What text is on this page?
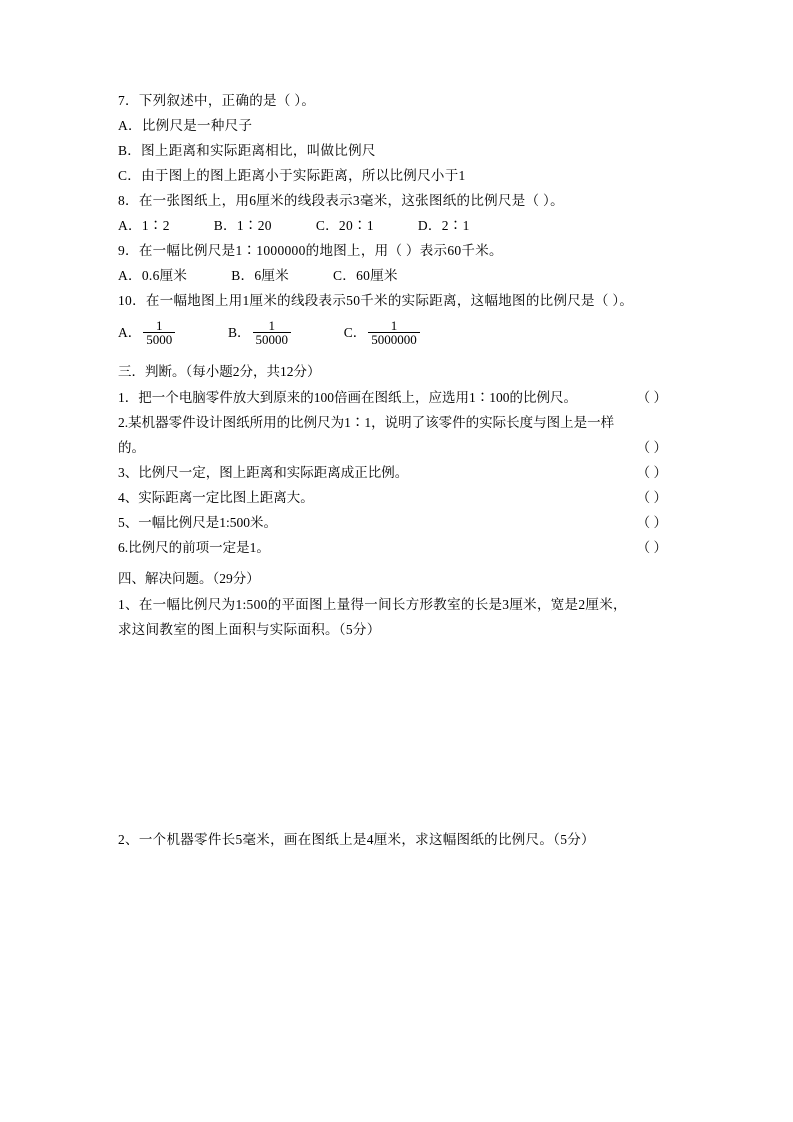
7．下列叙述中，正确的是（ ）。
A．比例尺是一种尺子
B．图上距离和实际距离相比，叫做比例尺
C．由于图上的图上距离小于实际距离，所以比例尺小于1
8．在一张图纸上，用6厘米的线段表示3毫米，这张图纸的比例尺是（ ）。
A．1∶2	B．1∶20	C．20∶1	D．2∶1
9．在一幅比例尺是1∶1000000的地图上，用（ ）表示60千米。
A．0.6厘米	B．6厘米	C．60厘米
10．在一幅地图上用1厘米的线段表示50千米的实际距离，这幅地图的比例尺是（ ）。
A． $\frac{1}{5000}$	B． $\frac{1}{50000}$	C． $\frac{1}{5000000}$
三．判断。（每小题2分，共12分）
1．把一个电脑零件放大到原来的100倍画在图纸上，应选用1∶100的比例尺。	（ ）
2.某机器零件设计图纸所用的比例尺为1∶1，说明了该零件的实际长度与图上是一样
的。	（ ）
3、比例尺一定，图上距离和实际距离成正比例。	（ ）
4、实际距离一定比图上距离大。	（ ）
5、一幅比例尺是1:500米。	（ ）
6.比例尺的前项一定是1。	（ ）
四、解决问题。（29分）
1、在一幅比例尺为1:500的平面图上量得一间长方形教室的长是3厘米，宽是2厘米，
求这间教室的图上面积与实际面积。（5分）
2、一个机器零件长5毫米，画在图纸上是4厘米，求这幅图纸的比例尺。（5分）
